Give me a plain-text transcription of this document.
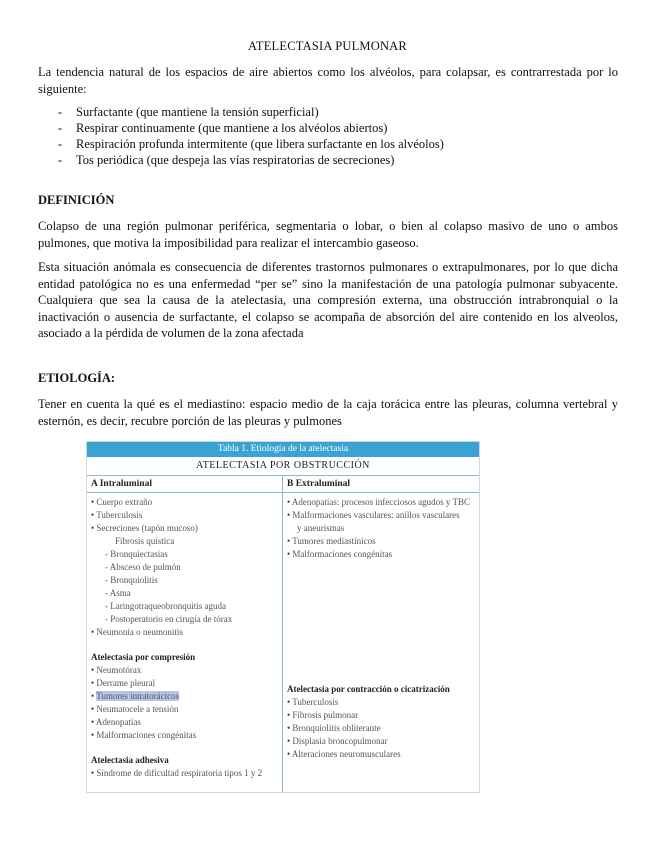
ATELECTASIA PULMONAR

La tendencia natural de los espacios de aire abiertos como los alvéolos, para colapsar, es contrarrestada por lo siguiente:

- Surfactante (que mantiene la tensión superficial)
- Respirar continuamente (que mantiene a los alvéolos abiertos)
- Respiración profunda intermitente (que libera surfactante en los alvéolos)
- Tos periódica (que despeja las vías respiratorias de secreciones)
DEFINICIÓN

Colapso de una región pulmonar periférica, segmentaria o lobar, o bien al colapso masivo de uno o ambos pulmones, que motiva la imposibilidad para realizar el intercambio gaseoso.

Esta situación anómala es consecuencia de diferentes trastornos pulmonares o extrapulmonares, por lo que dicha entidad patológica no es una enfermedad “per se” sino la manifestación de una patología pulmonar subyacente. Cualquiera que sea la causa de la atelectasia, una compresión externa, una obstrucción intrabronquial o la inactivación o ausencia de surfactante, el colapso se acompaña de absorción del aire contenido en los alveolos, asociado a la pérdida de volumen de la zona afectada

ETIOLOGÍA:

Tener en cuenta la qué es el mediastino: espacio medio de la caja torácica entre las pleuras, columna vertebral y esternón, es decir, recubre porción de las pleuras y pulmones

Tabla 1. Etiología de la atelectasia
ATELECTASIA POR OBSTRUCCIÓN
A Intraluminal
• Cuerpo extraño
• Tuberculosis
• Secreciones (tapón mucoso)
Fibrosis quística
- Bronquiectasias
- Absceso de pulmón
- Bronquiolitis
- Asma
- Laringotraqueobronquitis aguda
- Postoperatorio en cirugía de tórax
• Neumonía o neumonitis
Atelectasia por compresión
• Neumotórax
• Derrame pleural
• Tumores intratorácicos
• Neumatocele a tensión
• Adenopatías
• Malformaciones congénitas
Atelectasia adhesiva
• Síndrome de dificultad respiratoria tipos 1 y 2
B Extraluminal
• Adenopatías: procesos infecciosos agudos y TBC
• Malformaciones vasculares: anillos vasculares
y aneurismas
• Tumores mediastínicos
• Malformaciones congénitas
Atelectasia por contracción o cicatrización
• Tuberculosis
• Fibrosis pulmonar
• Bronquiolitis obliterante
• Displasia broncopulmonar
• Alteraciones neuromusculares
